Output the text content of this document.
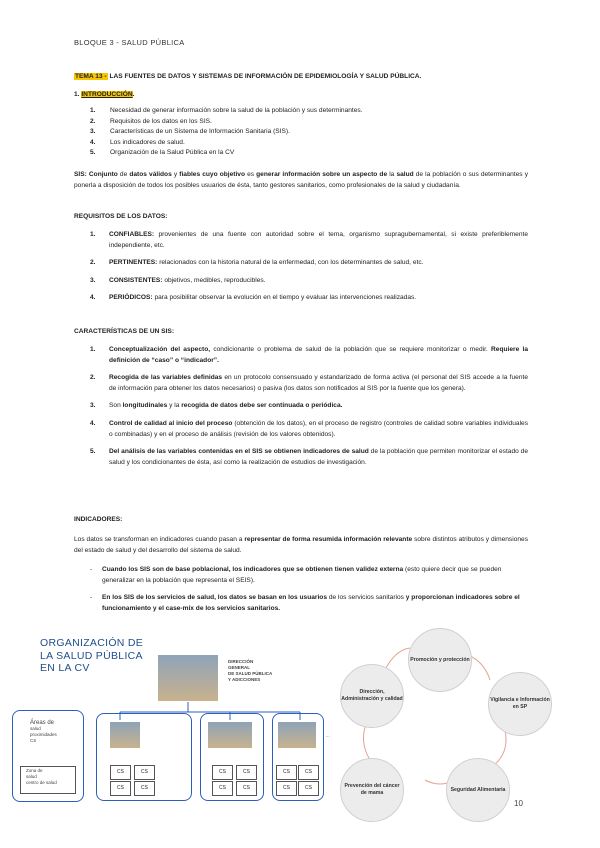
BLOQUE 3 - SALUD PÚBLICA
TEMA 13 - LAS FUENTES DE DATOS Y SISTEMAS DE INFORMACIÓN DE EPIDEMIOLOGÍA Y SALUD PÚBLICA.
1. INTRODUCCIÓN.
1. Necesidad de generar información sobre la salud de la población y sus determinantes.
2. Requisitos de los datos en los SIS.
3. Características de un Sistema de Información Sanitaria (SIS).
4. Los indicadores de salud.
5. Organización de la Salud Pública en la CV
SIS: Conjunto de datos válidos y fiables cuyo objetivo es generar información sobre un aspecto de la salud de la población o sus determinantes y ponerla a disposición de todos los posibles usuarios de ésta, tanto gestores sanitarios, como profesionales de la salud y ciudadanía.
REQUISITOS DE LOS DATOS:
1. CONFIABLES: provenientes de una fuente con autoridad sobre el tema, organismo supragubernamental, si existe preferiblemente independiente, etc.
2. PERTINENTES: relacionados con la historia natural de la enfermedad, con los determinantes de salud, etc.
3. CONSISTENTES: objetivos, medibles, reproducibles.
4. PERIÓDICOS: para posibilitar observar la evolución en el tiempo y evaluar las intervenciones realizadas.
CARACTERÍSTICAS DE UN SIS:
1. Conceptualización del aspecto, condicionante o problema de salud de la población que se requiere monitorizar o medir. Requiere la definición de “caso” o “indicador”.
2. Recogida de las variables definidas en un protocolo consensuado y estandarizado de forma activa (el personal del SIS accede a la fuente de información para obtener los datos necesarios) o pasiva (los datos son notificados al SIS por la fuente que los genera).
3. Son longitudinales y la recogida de datos debe ser continuada o periódica.
4. Control de calidad al inicio del proceso (obtención de los datos), en el proceso de registro (controles de calidad sobre variables individuales o combinadas) y en el proceso de análisis (revisión de los valores obtenidos).
5. Del análisis de las variables contenidas en el SIS se obtienen indicadores de salud de la población que permiten monitorizar el estado de salud y los condicionantes de ésta, así como la realización de estudios de investigación.
INDICADORES:
Los datos se transforman en indicadores cuando pasan a representar de forma resumida información relevante sobre distintos atributos y dimensiones del estado de salud y del desarrollo del sistema de salud.
- Cuando los SIS son de base poblacional, los indicadores que se obtienen tienen validez externa (esto quiere decir que se pueden generalizar en la población que representa el SEIS).
- En los SIS de los servicios de salud, los datos se basan en los usuarios de los servicios sanitarios y proporcionan indicadores sobre el funcionamiento y el case-mix de los servicios sanitarios.
ORGANIZACIÓN DE
LA SALUD PÚBLICA
EN LA CV
DIRECCIÓN
GENERAL
DE SALUD PÚBLICA
Y ADICCIONES
Áreas de
salud
proximidades
CS
Zona de
salud
centro de salud
CS	CS
CS	CS
CS	CS
CS	CS
CS	CS
CS	CS
...
Promoción y protección
Vigilancia e Información en SP
Seguridad Alimentaria
Prevención del cáncer de mama
Dirección, Administración y calidad
10
